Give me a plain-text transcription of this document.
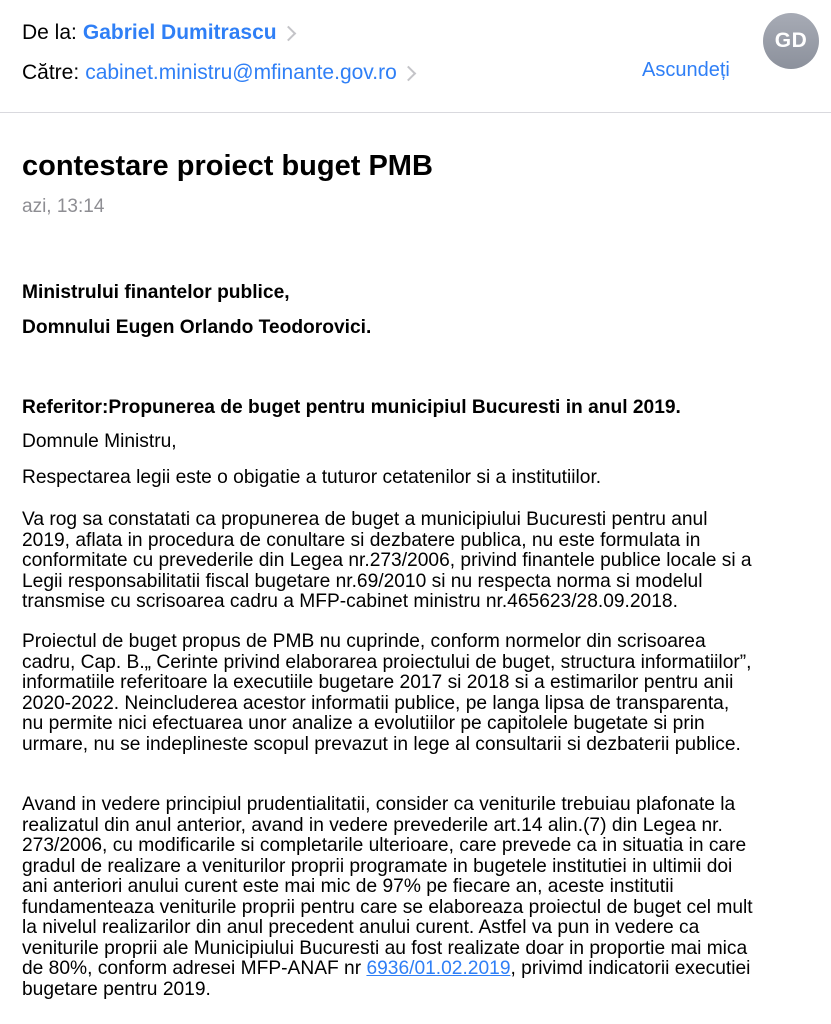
De la: Gabriel Dumitrascu
Către: cabinet.ministru@mfinante.gov.ro	Ascundeți
GD
contestare proiect buget PMB
azi, 13:14

Ministrului finantelor publice,

Domnului Eugen Orlando Teodorovici.

Referitor:Propunerea de buget pentru municipiul Bucuresti in anul 2019.

Domnule Ministru,

Respectarea legii este o obigatie a tuturor cetatenilor si a institutiilor.

Va rog sa constatati ca propunerea de buget a municipiului Bucuresti pentru anul
2019, aflata in procedura de conultare si dezbatere publica, nu este formulata in
conformitate cu prevederile din Legea nr.273/2006, privind finantele publice locale si a
Legii responsabilitatii fiscal bugetare nr.69/2010 si nu respecta norma si modelul
transmise cu scrisoarea cadru a MFP-cabinet ministru nr.465623/28.09.2018.
Proiectul de buget propus de PMB nu cuprinde, conform normelor din scrisoarea
cadru, Cap. B.„ Cerinte privind elaborarea proiectului de buget, structura informatiilor”,
informatiile referitoare la executiile bugetare 2017 si 2018 si a estimarilor pentru anii
2020-2022. Neincluderea acestor informatii publice, pe langa lipsa de transparenta,
nu permite nici efectuarea unor analize a evolutiilor pe capitolele bugetate si prin
urmare, nu se indeplineste scopul prevazut in lege al consultarii si dezbaterii publice.
Avand in vedere principiul prudentialitatii, consider ca veniturile trebuiau plafonate la
realizatul din anul anterior, avand in vedere prevederile art.14 alin.(7) din Legea nr.
273/2006, cu modificarile si completarile ulterioare, care prevede ca in situatia in care
gradul de realizare a veniturilor proprii programate in bugetele institutiei in ultimii doi
ani anteriori anului curent este mai mic de 97% pe fiecare an, aceste institutii
fundamenteaza veniturile proprii pentru care se elaboreaza proiectul de buget cel mult
la nivelul realizarilor din anul precedent anului curent. Astfel va pun in vedere ca
veniturile proprii ale Municipiului Bucuresti au fost realizate doar in proportie mai mica
de 80%, conform adresei MFP-ANAF nr 6936/01.02.2019, privimd indicatorii executiei
bugetare pentru 2019.
